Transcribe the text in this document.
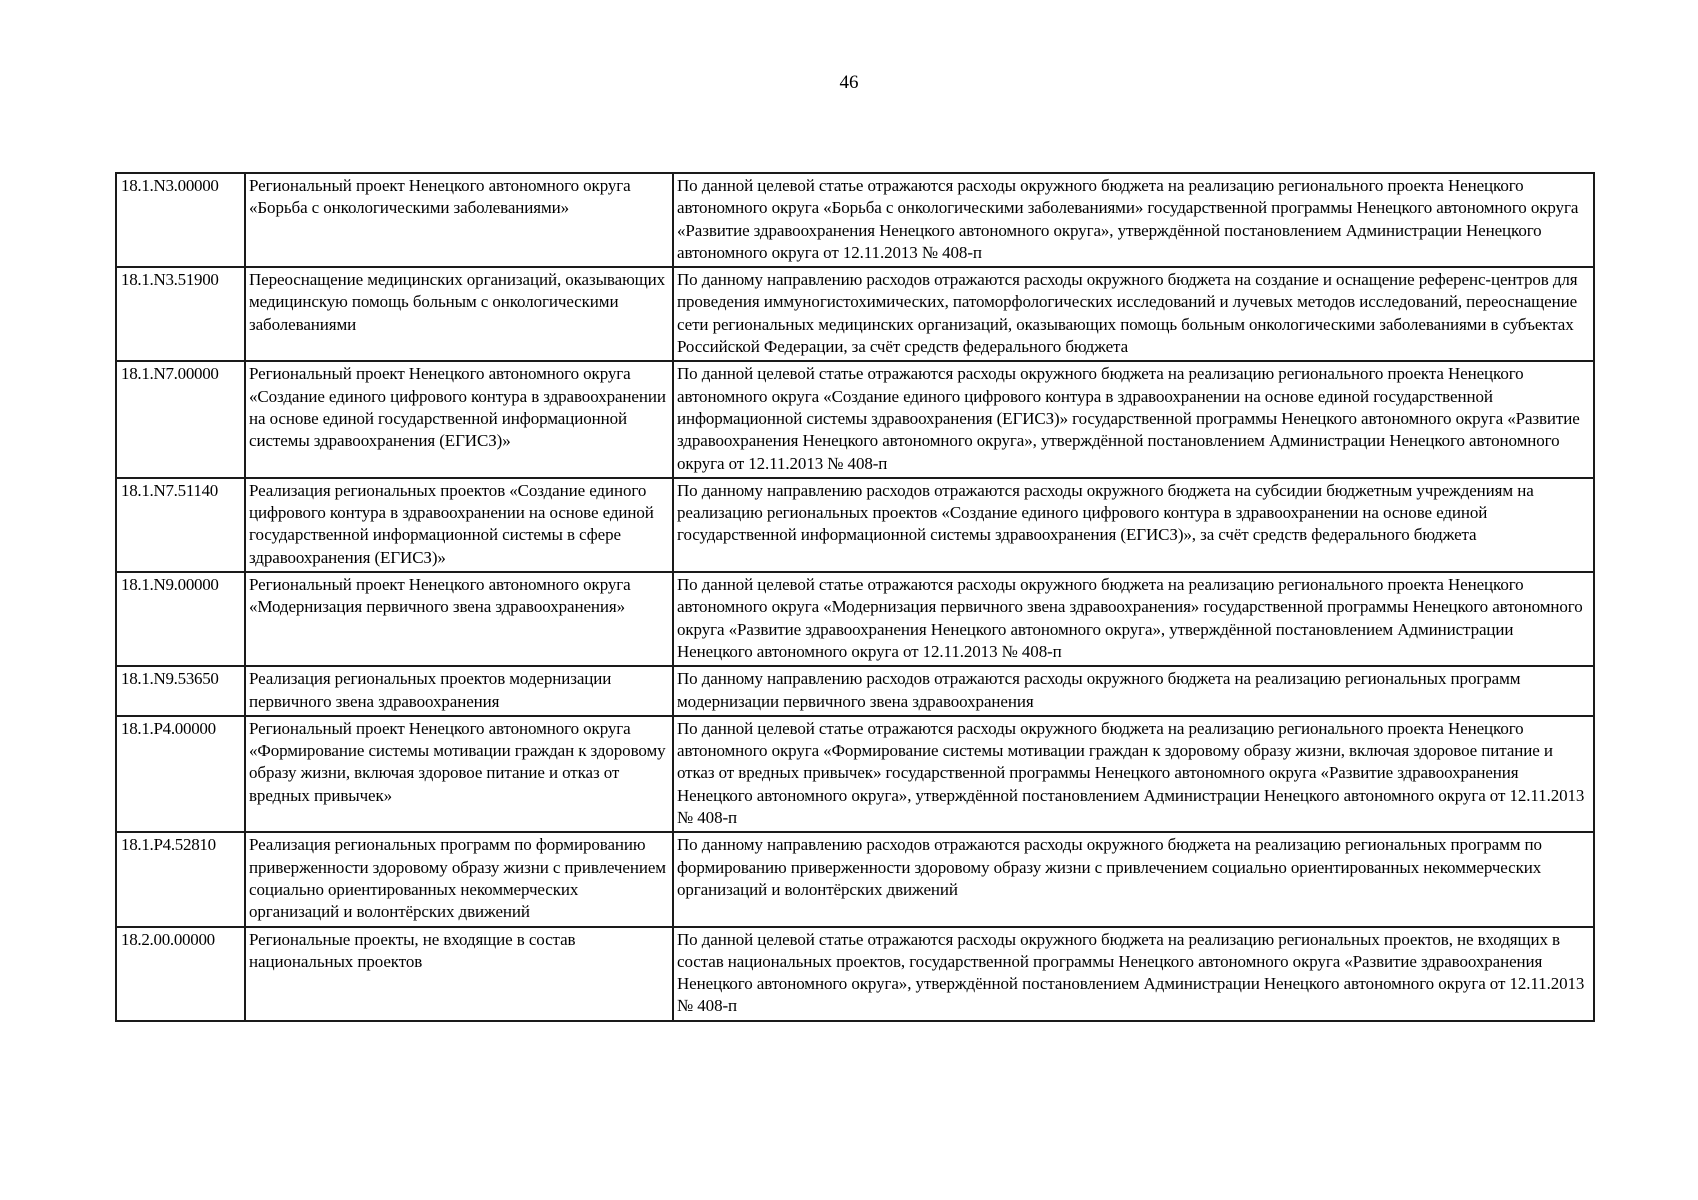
46
18.1.N3.00000	Региональный проект Ненецкого автономного округа «Борьба с онкологическими заболеваниями»	По данной целевой статье отражаются расходы окружного бюджета на реализацию регионального проекта Ненецкого автономного округа «Борьба с онкологическими заболеваниями» государственной программы Ненецкого автономного округа «Развитие здравоохранения Ненецкого автономного округа», утверждённой постановлением Администрации Ненецкого автономного округа от 12.11.2013 № 408-п
18.1.N3.51900	Переоснащение медицинских организаций, оказывающих медицинскую помощь больным с онкологическими заболеваниями	По данному направлению расходов отражаются расходы окружного бюджета на создание и оснащение референс-центров для проведения иммуногистохимических, патоморфологических исследований и лучевых методов исследований, переоснащение сети региональных медицинских организаций, оказывающих помощь больным онкологическими заболеваниями в субъектах Российской Федерации, за счёт средств федерального бюджета
18.1.N7.00000	Региональный проект Ненецкого автономного округа «Создание единого цифрового контура в здравоохранении на основе единой государственной информационной системы здравоохранения (ЕГИСЗ)»	По данной целевой статье отражаются расходы окружного бюджета на реализацию регионального проекта Ненецкого автономного округа «Создание единого цифрового контура в здравоохранении на основе единой государственной информационной системы здравоохранения (ЕГИСЗ)» государственной программы Ненецкого автономного округа «Развитие здравоохранения Ненецкого автономного округа», утверждённой постановлением Администрации Ненецкого автономного округа от 12.11.2013 № 408-п
18.1.N7.51140	Реализация региональных проектов «Создание единого цифрового контура в здравоохранении на основе единой государственной информационной системы в сфере здравоохранения (ЕГИСЗ)»	По данному направлению расходов отражаются расходы окружного бюджета на субсидии бюджетным учреждениям на реализацию региональных проектов «Создание единого цифрового контура в здравоохранении на основе единой государственной информационной системы здравоохранения (ЕГИСЗ)», за счёт средств федерального бюджета
18.1.N9.00000	Региональный проект Ненецкого автономного округа «Модернизация первичного звена здравоохранения»	По данной целевой статье отражаются расходы окружного бюджета на реализацию регионального проекта Ненецкого автономного округа «Модернизация первичного звена здравоохранения» государственной программы Ненецкого автономного округа «Развитие здравоохранения Ненецкого автономного округа», утверждённой постановлением Администрации Ненецкого автономного округа от 12.11.2013 № 408-п
18.1.N9.53650	Реализация региональных проектов модернизации первичного звена здравоохранения	По данному направлению расходов отражаются расходы окружного бюджета на реализацию региональных программ модернизации первичного звена здравоохранения
18.1.P4.00000	Региональный проект Ненецкого автономного округа «Формирование системы мотивации граждан к здоровому образу жизни, включая здоровое питание и отказ от вредных привычек»	По данной целевой статье отражаются расходы окружного бюджета на реализацию регионального проекта Ненецкого автономного округа «Формирование системы мотивации граждан к здоровому образу жизни, включая здоровое питание и отказ от вредных привычек» государственной программы Ненецкого автономного округа «Развитие здравоохранения Ненецкого автономного округа», утверждённой постановлением Администрации Ненецкого автономного округа от 12.11.2013 № 408-п
18.1.P4.52810	Реализация региональных программ по формированию приверженности здоровому образу жизни с привлечением социально ориентированных некоммерческих организаций и волонтёрских движений	По данному направлению расходов отражаются расходы окружного бюджета на реализацию региональных программ по формированию приверженности здоровому образу жизни с привлечением социально ориентированных некоммерческих организаций и волонтёрских движений
18.2.00.00000	Региональные проекты, не входящие в состав национальных проектов	По данной целевой статье отражаются расходы окружного бюджета на реализацию региональных проектов, не входящих в состав национальных проектов, государственной программы Ненецкого автономного округа «Развитие здравоохранения Ненецкого автономного округа», утверждённой постановлением Администрации Ненецкого автономного округа от 12.11.2013 № 408-п
